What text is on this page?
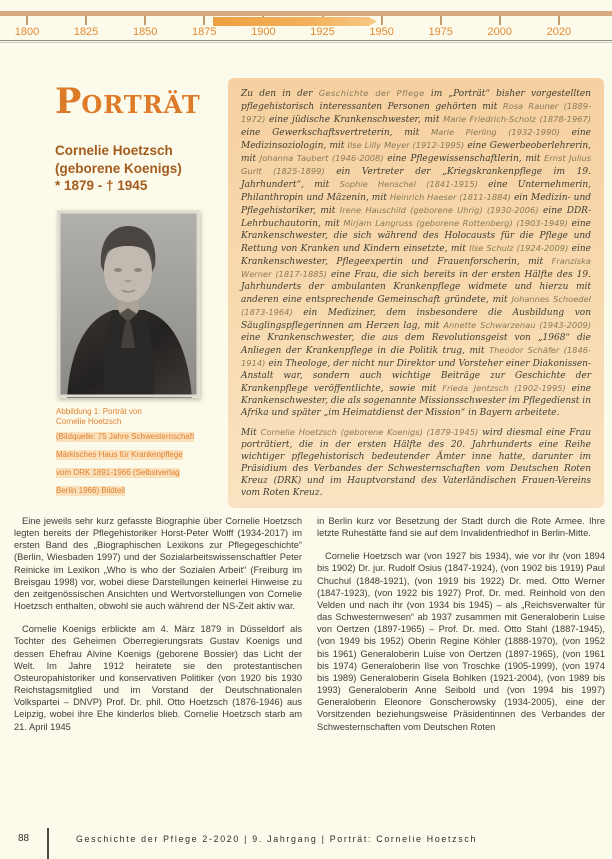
1800	1825	1850	1875	1900	1925	1950	1975	2000	2020
PORTRÄT
Cornelie Hoetzsch
(geborene Koenigs)
* 1879 - † 1945
Abbildung 1: Porträt von
Cornelie Hoetzsch
(Bildquelle: 75 Jahre SchwesternschaftMärkisches Haus für Krankenpflegevom DRK 1891-1966 (SelbstverlagBerlin 1966) Bildteil

Zu den in der Geschichte der Pflege im „Porträt“ bisher vorgestellten pflegehistorisch interessanten Personen gehörten mit Rosa Rauner (1889-1972) eine jüdische Krankenschwester, mit Marie Friedrich-Scholz (1878-1967) eine Gewerkschaftsvertreterin, mit Marie Pierling (1932-1990) eine Medizinsoziologin, mit Ilse Lilly Meyer (1912-1995) eine Gewerbeoberlehrerin, mit Johanna Taubert (1946-2008) eine Pflegewissenschaftlerin, mit Ernst Julius Gurlt (1825-1899) ein Vertreter der „Kriegskrankenpflege im 19. Jahrhundert“, mit Sophie Henschel (1841-1915) eine Unternehmerin, Philanthropin und Mäzenin, mit Heinrich Haeser (1811-1884) ein Medizin- und Pflegehistoriker, mit Irene Hauschild (geborene Uhrig) (1930-2006) eine DDR-Lehrbuchautorin, mit Mirjam Langruss (geborene Rottenberg) (1903-1949) eine Krankenschwester, die sich während des Holocausts für die Pflege und Rettung von Kranken und Kindern einsetzte, mit Ilse Schulz (1924-2009) eine Krankenschwester, Pflegeexpertin und Frauenforscherin, mit Franziska Werner (1817-1885) eine Frau, die sich bereits in der ersten Hälfte des 19. Jahrhunderts der ambulanten Krankenpflege widmete und hierzu mit anderen eine entsprechende Gemeinschaft gründete, mit Johannes Schoedel (1873-1964) ein Mediziner, dem insbesondere die Ausbildung von Säuglingspflegerinnen am Herzen lag, mit Annette Schwarzenau (1943-2009) eine Krankenschwester, die aus dem Revolutionsgeist von „1968“ die Anliegen der Krankenpflege in die Politik trug, mit Theodor Schäfer (1846-1914) ein Theologe, der nicht nur Direktor und Vorsteher einer Diakonissen-Anstalt war, sondern auch wichtige Beiträge zur Geschichte der Krankenpflege veröffentlichte, sowie mit Frieda Jentzsch (1902-1995) eine Krankenschwester, die als sogenannte Missionsschwester im Pflegedienst in Afrika und später „im Heimatdienst der Mission“ in Bayern arbeitete.

Mit Cornelie Hoetzsch (geborene Koenigs) (1879-1945) wird diesmal eine Frau porträtiert, die in der ersten Hälfte des 20. Jahrhunderts eine Reihe wichtiger pflegehistorisch bedeutender Ämter inne hatte, darunter im Präsidium des Verbandes der Schwesternschaften vom Deutschen Roten Kreuz (DRK) und im Hauptvorstand des Vaterländischen Frauen-Vereins vom Roten Kreuz.

Eine jeweils sehr kurz gefasste Biographie über Cornelie Hoetzsch legten bereits der Pflegehistoriker Horst-Peter Wolff (1934-2017) im ersten Band des „Biographischen Lexikons zur Pflegegeschichte“ (Berlin, Wiesbaden 1997) und der Sozialarbeitswissenschaftler Peter Reinicke im Lexikon „Who is who der Sozialen Arbeit“ (Freiburg im Breisgau 1998) vor, wobei diese Darstellungen keinerlei Hinweise zu den zeitgenössischen Ansichten und Wertvorstellungen von Cornelie Hoetzsch enthalten, obwohl sie auch während der NS-Zeit aktiv war.

Cornelie Koenigs erblickte am 4. März 1879 in Düsseldorf als Tochter des Geheimen Oberregierungsrats Gustav Koenigs und dessen Ehefrau Alvine Koenigs (geborene Bossier) das Licht der Welt. Im Jahre 1912 heiratete sie den protestantischen Osteuropahistoriker und konservativen Politiker (von 1920 bis 1930 Reichstagsmitglied und im Vorstand der Deutschnationalen Volkspartei – DNVP) Prof. Dr. phil. Otto Hoetzsch (1876-1946) aus Leipzig, wobei ihre Ehe kinderlos blieb. Cornelie Hoetzsch starb am 21. April 1945

in Berlin kurz vor Besetzung der Stadt durch die Rote Armee. Ihre letzte Ruhestätte fand sie auf dem Invalidenfriedhof in Berlin-Mitte.

Cornelie Hoetzsch war (von 1927 bis 1934), wie vor ihr (von 1894 bis 1902) Dr. jur. Rudolf Osius (1847-1924), (von 1902 bis 1919) Paul Chuchul (1848-1921), (von 1919 bis 1922) Dr. med. Otto Werner (1847-1923), (von 1922 bis 1927) Prof. Dr. med. Reinhold von den Velden und nach ihr (von 1934 bis 1945) – als „Reichsverwalter für das Schwesternwesen“ ab 1937 zusammen mit Generaloberin Luise von Oertzen (1897-1965) – Prof. Dr. med. Otto Stahl (1887-1945), (von 1949 bis 1952) Oberin Regine Köhler (1888-1970), (von 1952 bis 1961) Generaloberin Luise von Oertzen (1897-1965), (von 1961 bis 1974) Generaloberin Ilse von Troschke (1905-1999), (von 1974 bis 1989) Generaloberin Gisela Bohlken (1921-2004), (von 1989 bis 1993) Generaloberin Anne Seibold und (von 1994 bis 1997) Generaloberin Eleonore Gonscherowsky (1934-2005), eine der Vorsitzenden beziehungsweise Präsidentinnen des Verbandes der Schwesternschaften vom Deutschen Roten

88	Geschichte der Pflege 2-2020 | 9. Jahrgang | Porträt: Cornelie Hoetzsch
